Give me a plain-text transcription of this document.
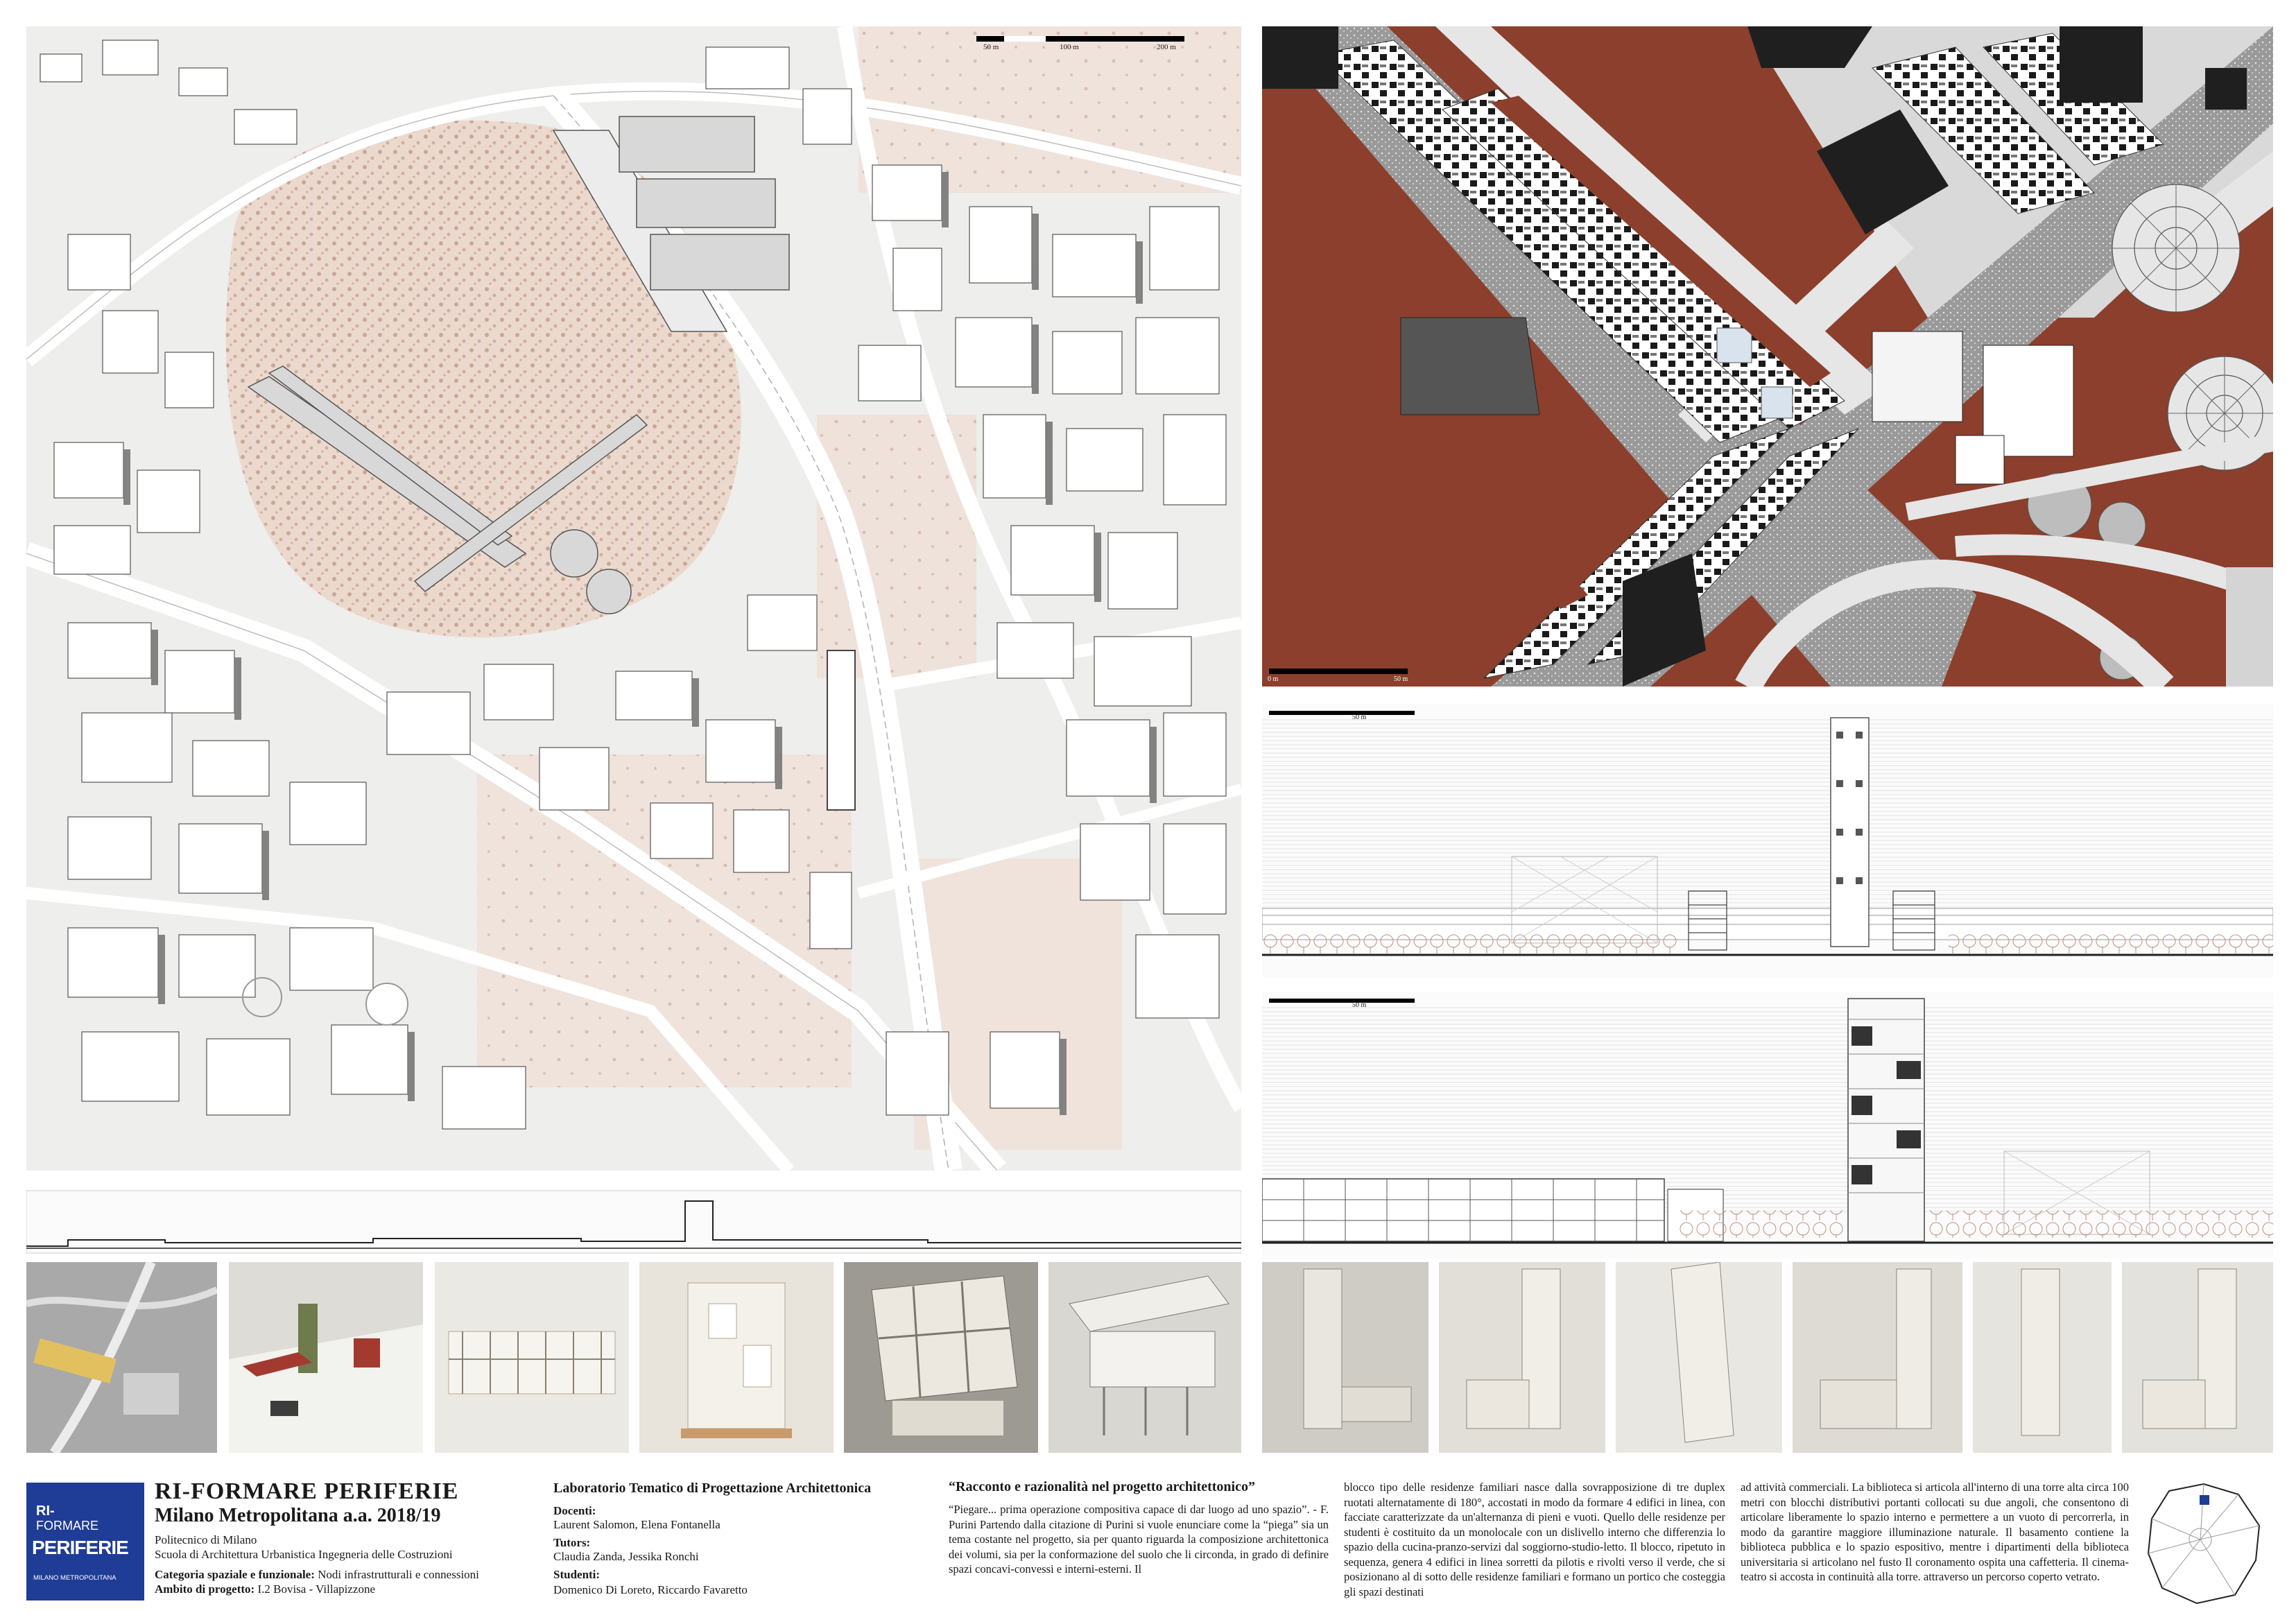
50 m	100 m	200 m
0 m	50 m
50 m
50 m
RI-
FORMARE
PERIFERIE
MILANO METROPOLITANA
RI-FORMARE PERIFERIE
Milano Metropolitana a.a. 2018/19
Politecnico di Milano
Scuola di Architettura Urbanistica Ingegneria delle Costruzioni
Categoria spaziale e funzionale: Nodi infrastrutturali e connessioni
Ambito di progetto: I.2 Bovisa - Villapizzone
Laboratorio Tematico di Progettazione Architettonica
Docenti:
Laurent Salomon, Elena Fontanella
Tutors:
Claudia Zanda, Jessika Ronchi
Studenti:
Domenico Di Loreto, Riccardo Favaretto
“Racconto e razionalità nel progetto architettonico”
“Piegare... prima operazione compositiva capace di dar luogo ad uno spazio”. - F. Purini Partendo dalla citazione di Purini si vuole enunciare come la “piega” sia un tema costante nel progetto, sia per quanto riguarda la composizione architettonica dei volumi, sia per la conformazione del suolo che li circonda, in grado di definire spazi concavi-convessi e interni-esterni. Il
blocco tipo delle residenze familiari nasce dalla sovrapposizione di tre duplex ruotati alternatamente di 180°, accostati in modo da formare 4 edifici in linea, con facciate caratterizzate da un'alternanza di pieni e vuoti. Quello delle residenze per studenti è costituito da un monolocale con un dislivello interno che differenzia lo spazio della cucina-pranzo-servizi dal soggiorno-studio-letto. Il blocco, ripetuto in sequenza, genera 4 edifici in linea sorretti da pilotis e rivolti verso il verde, che si posizionano al di sotto delle residenze familiari e formano un portico che costeggia gli spazi destinati
ad attività commerciali. La biblioteca si articola all'interno di una torre alta circa 100 metri con blocchi distributivi portanti collocati su due angoli, che consentono di articolare liberamente lo spazio interno e permettere a un vuoto di percorrerla, in modo da garantire maggiore illuminazione naturale. Il basamento contiene la biblioteca pubblica e lo spazio espositivo, mentre i dipartimenti della biblioteca universitaria si articolano nel fusto Il coronamento ospita una caffetteria. Il cinema-teatro si accosta in continuità alla torre. attraverso un percorso coperto vetrato.
